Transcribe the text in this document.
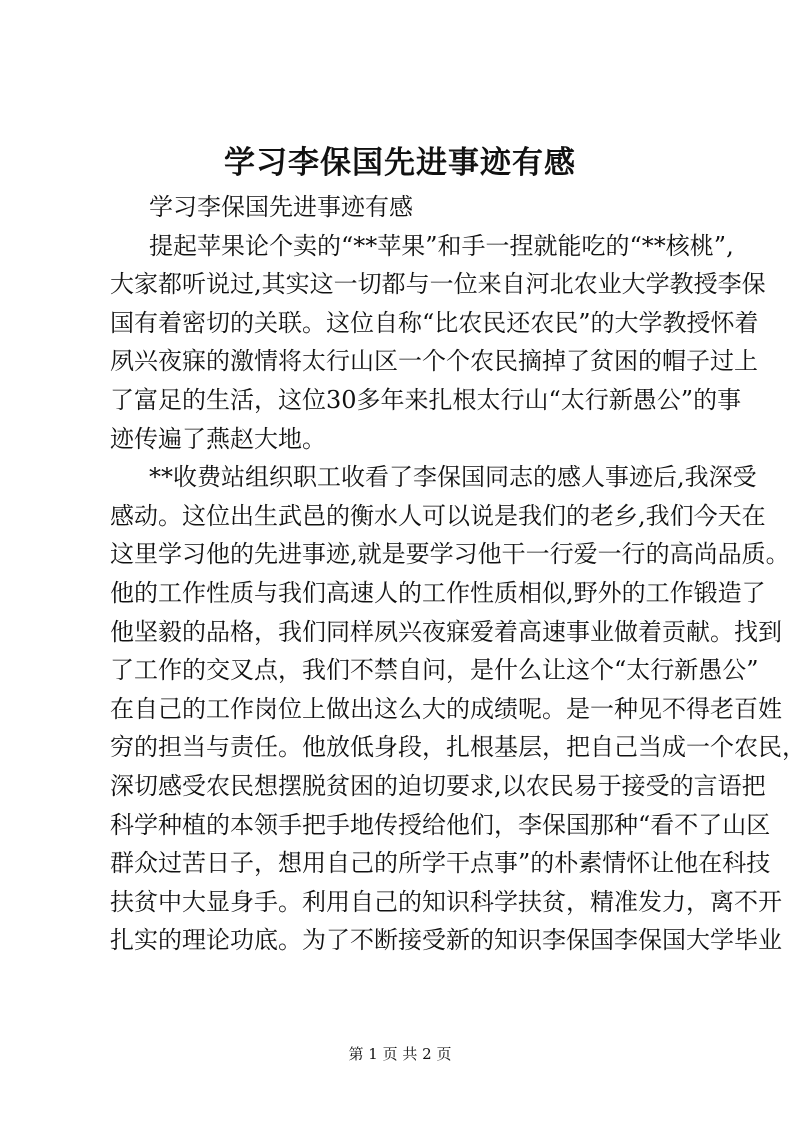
学习李保国先进事迹有感
学习李保国先进事迹有感
提起苹果论个卖的“**苹果”和手一捏就能吃的“**核桃”,
大家都听说过,其实这一切都与一位来自河北农业大学教授李保
国有着密切的关联。这位自称“比农民还农民”的大学教授怀着
夙兴夜寐的激情将太行山区一个个农民摘掉了贫困的帽子过上
了富足的生活，这位30多年来扎根太行山“太行新愚公”的事
迹传遍了燕赵大地。
**收费站组织职工收看了李保国同志的感人事迹后,我深受
感动。这位出生武邑的衡水人可以说是我们的老乡,我们今天在
这里学习他的先进事迹,就是要学习他干一行爱一行的高尚品质。
他的工作性质与我们高速人的工作性质相似,野外的工作锻造了
他坚毅的品格，我们同样夙兴夜寐爱着高速事业做着贡献。找到
了工作的交叉点，我们不禁自问，是什么让这个“太行新愚公”
在自己的工作岗位上做出这么大的成绩呢。是一种见不得老百姓
穷的担当与责任。他放低身段，扎根基层，把自己当成一个农民，
深切感受农民想摆脱贫困的迫切要求,以农民易于接受的言语把
科学种植的本领手把手地传授给他们，李保国那种“看不了山区
群众过苦日子，想用自己的所学干点事”的朴素情怀让他在科技
扶贫中大显身手。利用自己的知识科学扶贫，精准发力，离不开
扎实的理论功底。为了不断接受新的知识李保国李保国大学毕业
第 1 页 共 2 页
